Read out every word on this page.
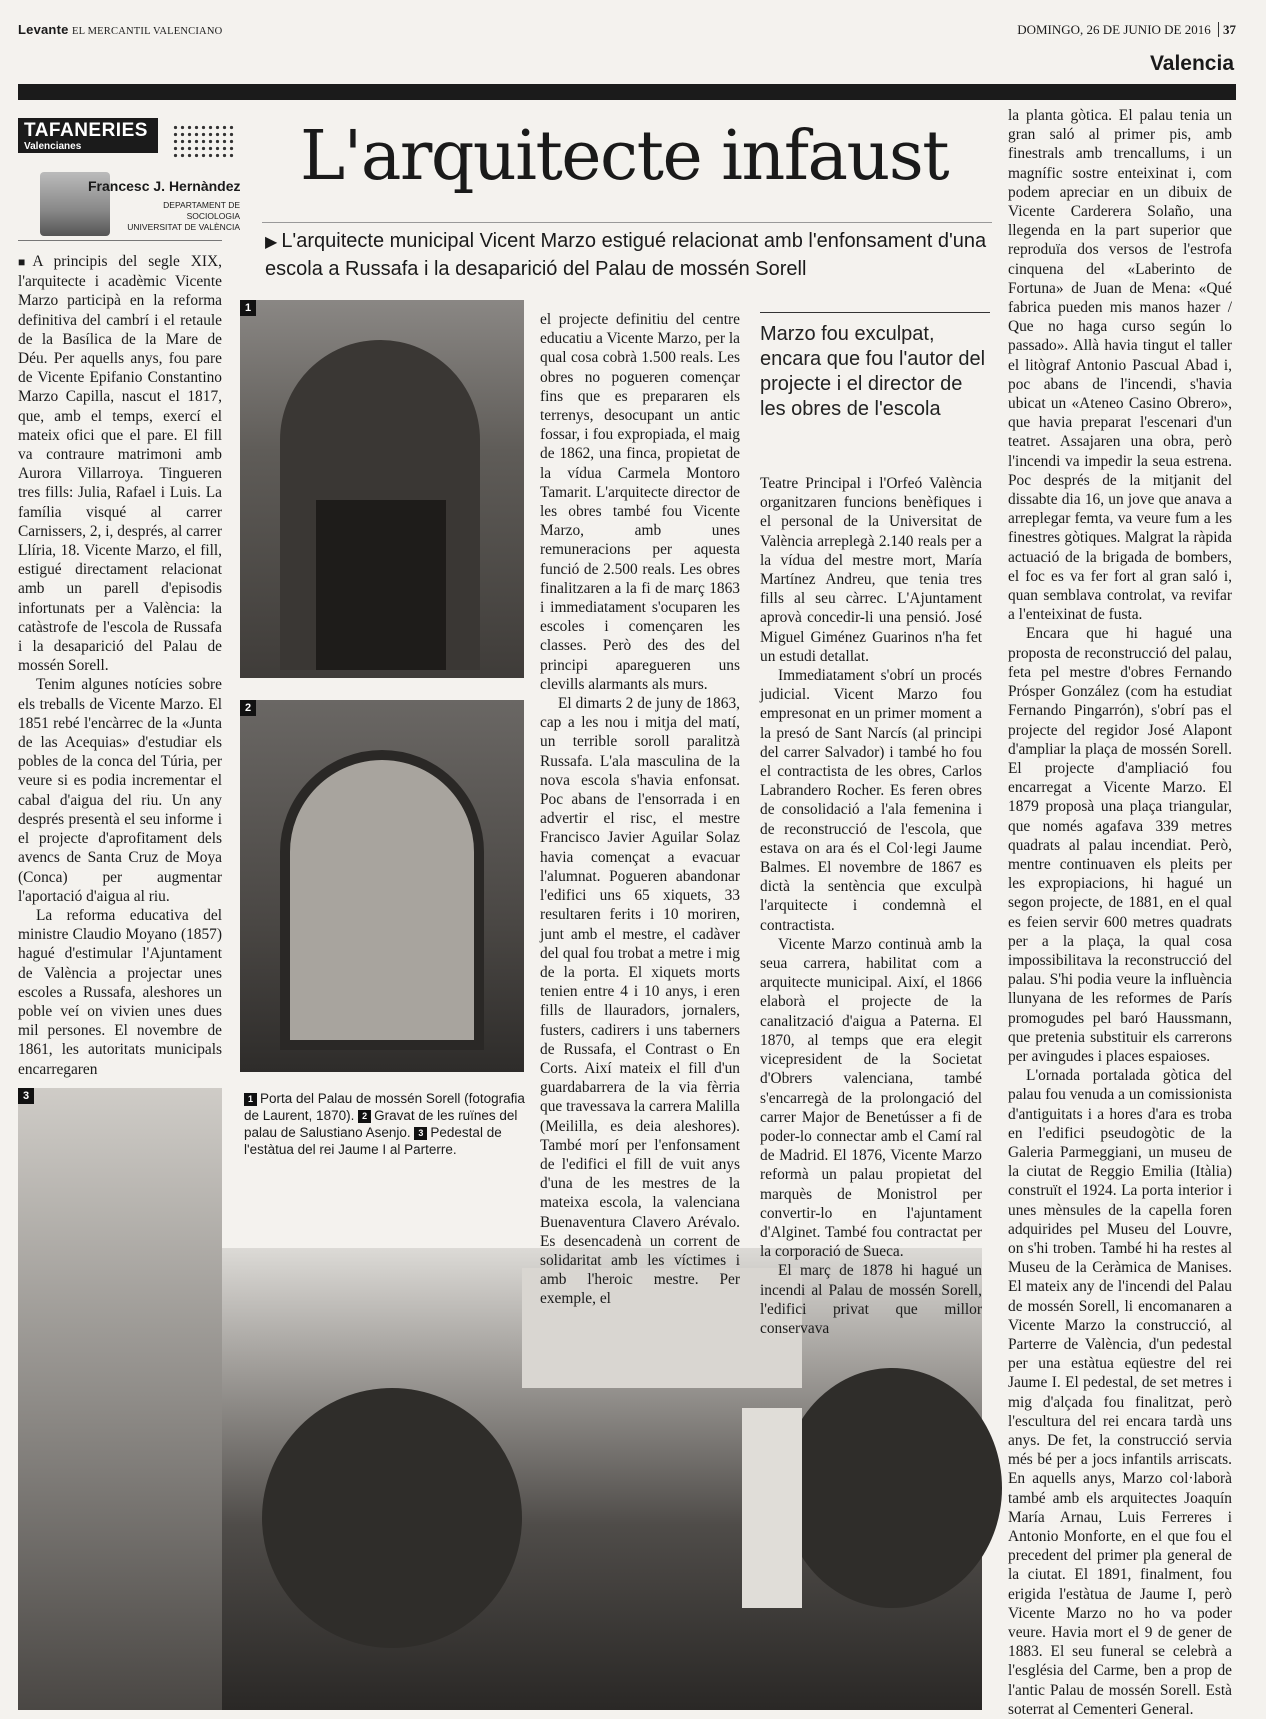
Levante EL MERCANTIL VALENCIANO	DOMINGO, 26 DE JUNIO DE 2016 37
Valencia
TAFANERIES
Valencianes
Francesc J. Hernàndez
DEPARTAMENT DE SOCIOLOGIA
UNIVERSITAT DE VALÈNCIA
L'arquitecte infaust
▶ L'arquitecte municipal Vicent Marzo estigué relacionat amb l'enfonsament d'una escola a Russafa i la desaparició del Palau de mossén Sorell

■A principis del segle XIX, l'arquitecte i acadèmic Vicente Marzo participà en la reforma definitiva del cambrí i el retaule de la Basílica de la Mare de Déu. Per aquells anys, fou pare de Vicente Epifanio Constantino Marzo Capilla, nascut el 1817, que, amb el temps, exercí el mateix ofici que el pare. El fill va contraure matrimoni amb Aurora Villarroya. Tingueren tres fills: Julia, Rafael i Luis. La família visqué al carrer Carnissers, 2, i, després, al carrer Llíria, 18. Vicente Marzo, el fill, estigué directament relacionat amb un parell d'episodis infortunats per a València: la catàstrofe de l'escola de Russafa i la desaparició del Palau de mossén Sorell.

Tenim algunes notícies sobre els treballs de Vicente Marzo. El 1851 rebé l'encàrrec de la «Junta de las Acequias» d'estudiar els pobles de la conca del Túria, per veure si es podia incrementar el cabal d'aigua del riu. Un any després presentà el seu informe i el projecte d'aprofitament dels avencs de Santa Cruz de Moya (Conca) per augmentar l'aportació d'aigua al riu.

La reforma educativa del ministre Claudio Moyano (1857) hagué d'estimular l'Ajuntament de València a projectar unes escoles a Russafa, aleshores un poble veí on vivien unes dues mil persones. El novembre de 1861, les autoritats municipals encarregaren

1
2
1 Porta del Palau de mossén Sorell (fotografia de Laurent, 1870). 2 Gravat de les ruïnes del palau de Salustiano Asenjo. 3 Pedestal de l'estàtua del rei Jaume I al Parterre.
3

el projecte definitiu del centre educatiu a Vicente Marzo, per la qual cosa cobrà 1.500 reals. Les obres no pogueren començar fins que es prepararen els terrenys, desocupant un antic fossar, i fou expropiada, el maig de 1862, una finca, propietat de la vídua Carmela Montoro Tamarit. L'arquitecte director de les obres també fou Vicente Marzo, amb unes remuneracions per aquesta funció de 2.500 reals. Les obres finalitzaren a la fi de març 1863 i immediatament s'ocuparen les escoles i començaren les classes. Però des des del principi aparegueren uns clevills alarmants als murs.

El dimarts 2 de juny de 1863, cap a les nou i mitja del matí, un terrible soroll paralitzà Russafa. L'ala masculina de la nova escola s'havia enfonsat. Poc abans de l'ensorrada i en advertir el risc, el mestre Francisco Javier Aguilar Solaz havia començat a evacuar l'alumnat. Pogueren abandonar l'edifici uns 65 xiquets, 33 resultaren ferits i 10 moriren, junt amb el mestre, el cadàver del qual fou trobat a metre i mig de la porta. El xiquets morts tenien entre 4 i 10 anys, i eren fills de llauradors, jornalers, fusters, cadirers i uns taberners de Russafa, el Contrast o En Corts. Així mateix el fill d'un guardabarrera de la via fèrria que travessava la carrera Malilla (Meililla, es deia aleshores). També morí per l'enfonsament de l'edifici el fill de vuit anys d'una de les mestres de la mateixa escola, la valenciana Buenaventura Clavero Arévalo. Es desencadenà un corrent de solidaritat amb les víctimes i amb l'heroic mestre. Per exemple, el

Marzo fou exculpat, encara que fou l'autor del projecte i el director de les obres de l'escola

Teatre Principal i l'Orfeó València organitzaren funcions benèfiques i el personal de la Universitat de València arreplegà 2.140 reals per a la vídua del mestre mort, María Martínez Andreu, que tenia tres fills al seu càrrec. L'Ajuntament aprovà concedir-li una pensió. José Miguel Giménez Guarinos n'ha fet un estudi detallat.

Immediatament s'obrí un procés judicial. Vicent Marzo fou empresonat en un primer moment a la presó de Sant Narcís (al principi del carrer Salvador) i també ho fou el contractista de les obres, Carlos Labrandero Rocher. Es feren obres de consolidació a l'ala femenina i de reconstrucció de l'escola, que estava on ara és el Col·legi Jaume Balmes. El novembre de 1867 es dictà la sentència que exculpà l'arquitecte i condemnà el contractista.

Vicente Marzo continuà amb la seua carrera, habilitat com a arquitecte municipal. Així, el 1866 elaborà el projecte de la canalització d'aigua a Paterna. El 1870, al temps que era elegit vicepresident de la Societat d'Obrers valenciana, també s'encarregà de la prolongació del carrer Major de Benetússer a fi de poder-lo connectar amb el Camí ral de Madrid. El 1876, Vicente Marzo reformà un palau propietat del marquès de Monistrol per convertir-lo en l'ajuntament d'Alginet. També fou contractat per la corporació de Sueca.

El març de 1878 hi hagué un incendi al Palau de mossén Sorell, l'edifici privat que millor conservava

la planta gòtica. El palau tenia un gran saló al primer pis, amb finestrals amb trencallums, i un magnífic sostre enteixinat i, com podem apreciar en un dibuix de Vicente Carderera Solaño, una llegenda en la part superior que reproduïa dos versos de l'estrofa cinquena del «Laberinto de Fortuna» de Juan de Mena: «Qué fabrica pueden mis manos hazer / Que no haga curso según lo passado». Allà havia tingut el taller el litògraf Antonio Pascual Abad i, poc abans de l'incendi, s'havia ubicat un «Ateneo Casino Obrero», que havia preparat l'escenari d'un teatret. Assajaren una obra, però l'incendi va impedir la seua estrena. Poc després de la mitjanit del dissabte dia 16, un jove que anava a arreplegar femta, va veure fum a les finestres gòtiques. Malgrat la ràpida actuació de la brigada de bombers, el foc es va fer fort al gran saló i, quan semblava controlat, va revifar a l'enteixinat de fusta.

Encara que hi hagué una proposta de reconstrucció del palau, feta pel mestre d'obres Fernando Prósper González (com ha estudiat Fernando Pingarrón), s'obrí pas el projecte del regidor José Alapont d'ampliar la plaça de mossén Sorell. El projecte d'ampliació fou encarregat a Vicente Marzo. El 1879 proposà una plaça triangular, que només agafava 339 metres quadrats al palau incendiat. Però, mentre continuaven els pleits per les expropiacions, hi hagué un segon projecte, de 1881, en el qual es feien servir 600 metres quadrats per a la plaça, la qual cosa impossibilitava la reconstrucció del palau. S'hi podia veure la influència llunyana de les reformes de París promogudes pel baró Haussmann, que pretenia substituir els carrerons per avingudes i places espaioses.

L'ornada portalada gòtica del palau fou venuda a un comissionista d'antiguitats i a hores d'ara es troba en l'edifici pseudogòtic de la Galeria Parmeggiani, un museu de la ciutat de Reggio Emilia (Itàlia) construït el 1924. La porta interior i unes mènsules de la capella foren adquirides pel Museu del Louvre, on s'hi troben. També hi ha restes al Museu de la Ceràmica de Manises. El mateix any de l'incendi del Palau de mossén Sorell, li encomanaren a Vicente Marzo la construcció, al Parterre de València, d'un pedestal per una estàtua eqüestre del rei Jaume I. El pedestal, de set metres i mig d'alçada fou finalitzat, però l'escultura del rei encara tardà uns anys. De fet, la construcció servia més bé per a jocs infantils arriscats. En aquells anys, Marzo col·laborà també amb els arquitectes Joaquín María Arnau, Luis Ferreres i Antonio Monforte, en el que fou el precedent del primer pla general de la ciutat. El 1891, finalment, fou erigida l'estàtua de Jaume I, però Vicente Marzo no ho va poder veure. Havia mort el 9 de gener de 1883. El seu funeral se celebrà a l'església del Carme, ben a prop de l'antic Palau de mossén Sorell. Està soterrat al Cementeri General.
